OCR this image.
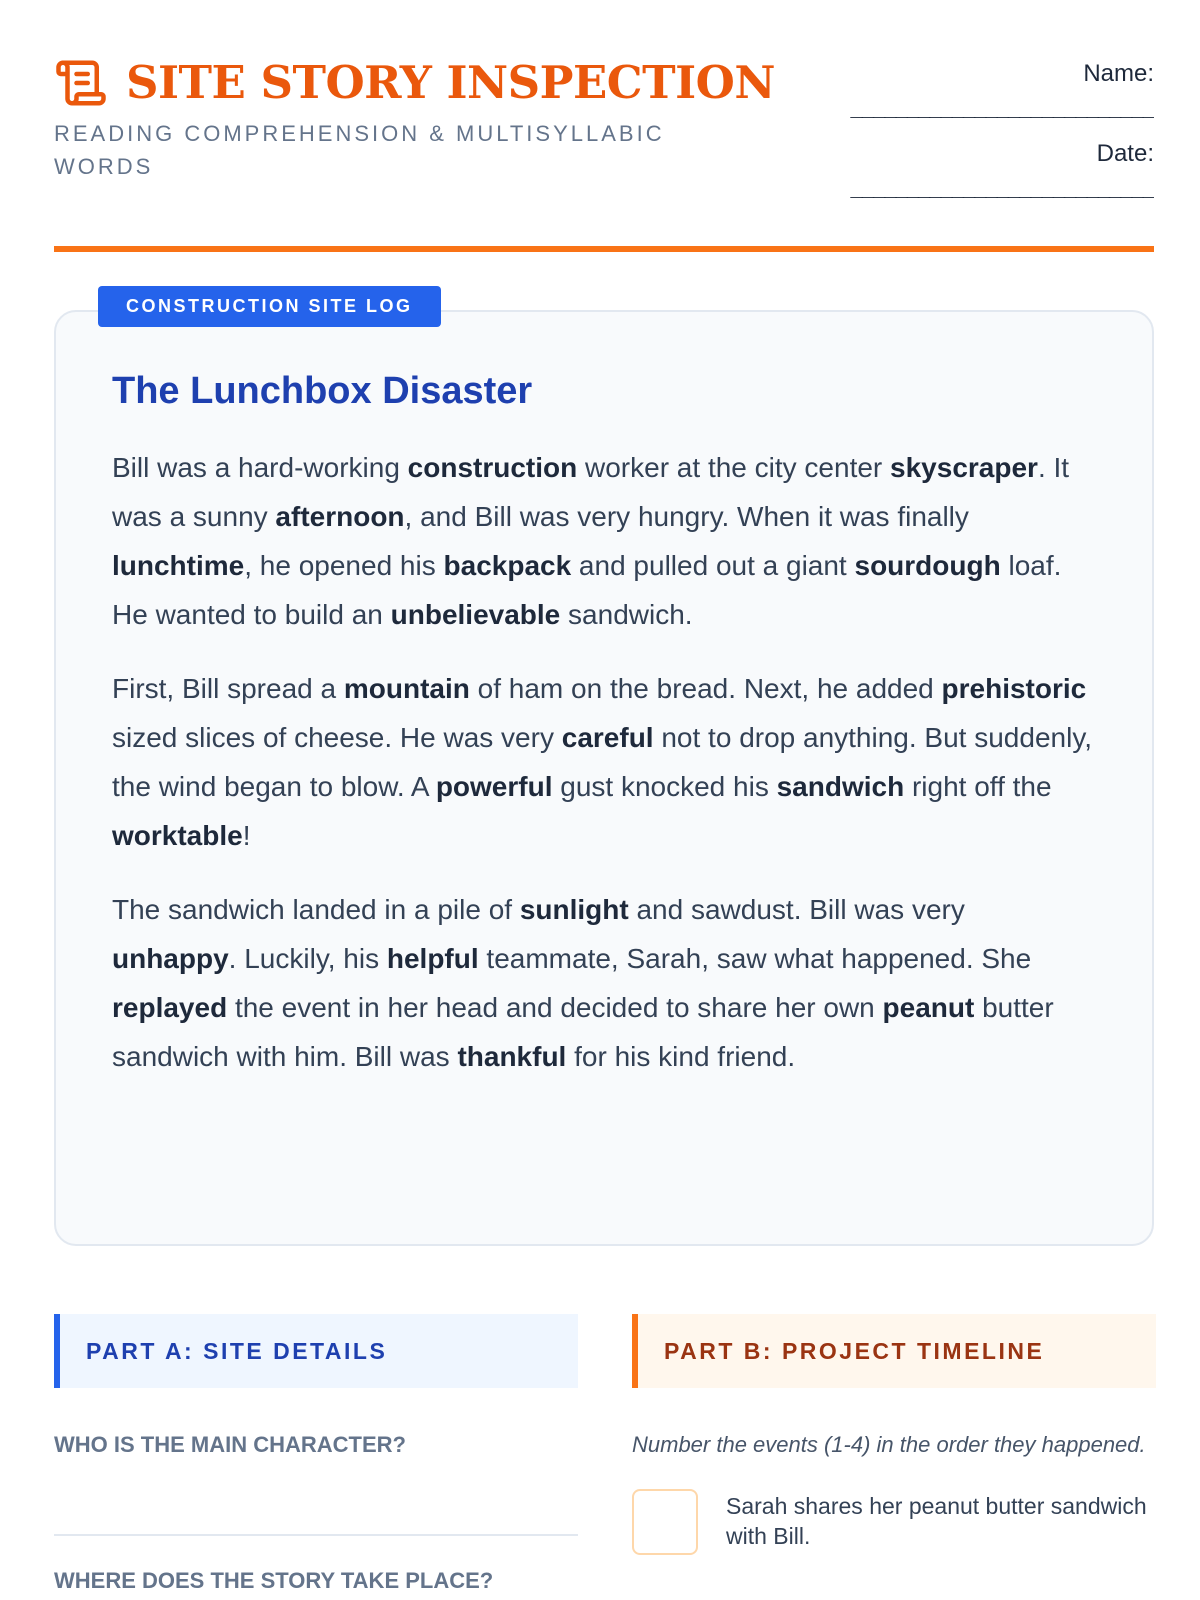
SITE STORY INSPECTION
READING COMPREHENSION & MULTISYLLABIC WORDS
Name:
___________________________
Date:
___________________________
CONSTRUCTION SITE LOG
The Lunchbox Disaster

Bill was a hard-working construction worker at the city center skyscraper. It was a sunny afternoon, and Bill was very hungry. When it was finally lunchtime, he opened his backpack and pulled out a giant sourdough loaf. He wanted to build an unbelievable sandwich.

First, Bill spread a mountain of ham on the bread. Next, he added prehistoric sized slices of cheese. He was very careful not to drop anything. But suddenly, the wind began to blow. A powerful gust knocked his sandwich right off the worktable!

The sandwich landed in a pile of sunlight and sawdust. Bill was very unhappy. Luckily, his helpful teammate, Sarah, saw what happened. She replayed the event in her head and decided to share her own peanut butter sandwich with him. Bill was thankful for his kind friend.

PART A: SITE DETAILS
WHO IS THE MAIN CHARACTER?
WHERE DOES THE STORY TAKE PLACE?
PART B: PROJECT TIMELINE
Number the events (1-4) in the order they happened.
Sarah shares her peanut butter sandwich with Bill.
